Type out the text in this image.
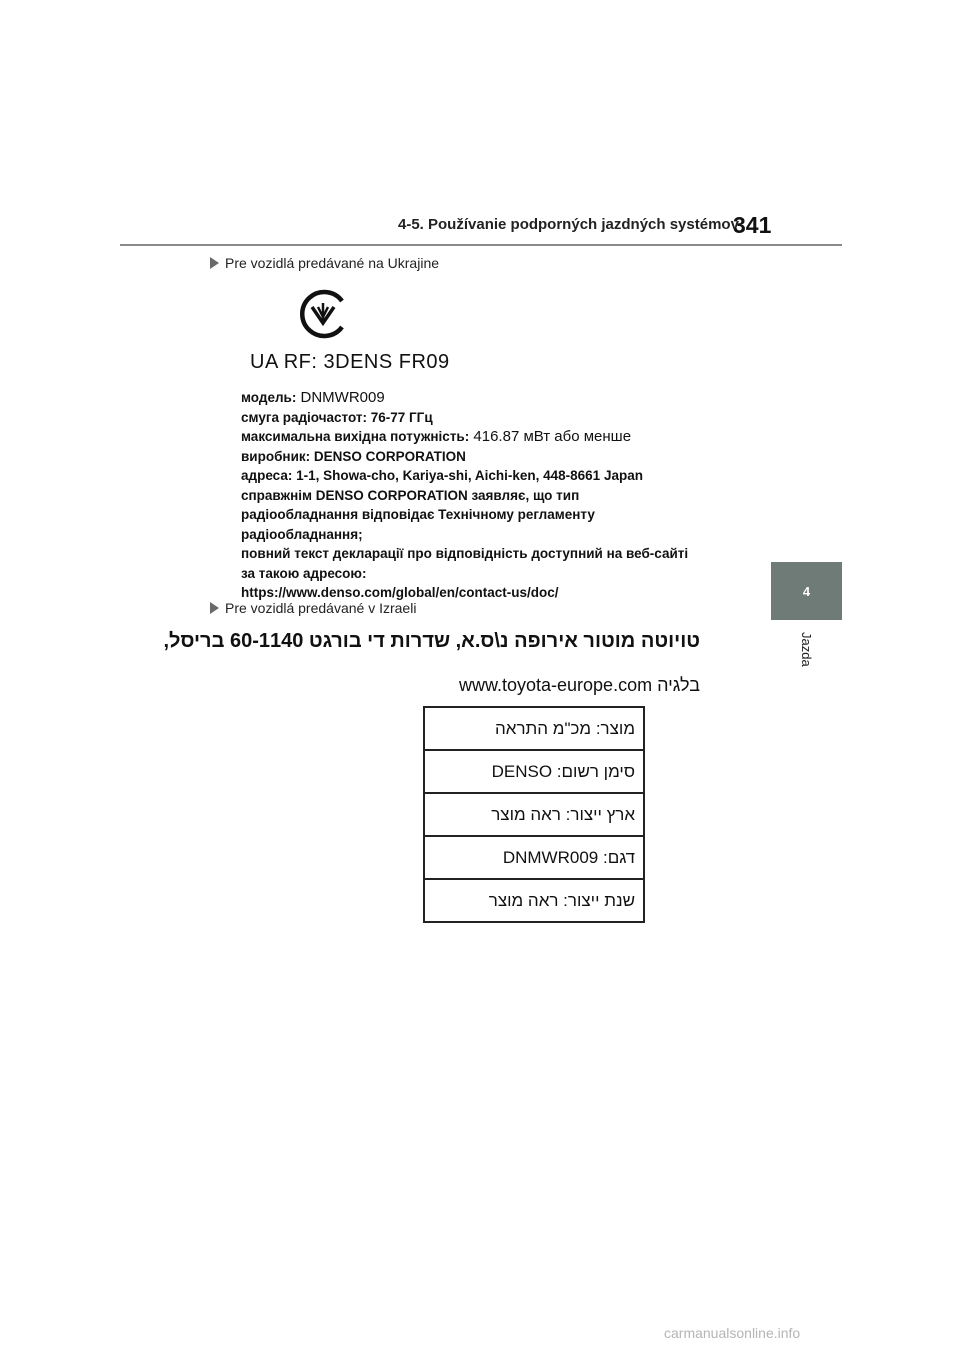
4-5. Používanie podporných jazdných systémov
341
4
Jazda
Pre vozidlá predávané na Ukrajine
UA RF: 3DENS FR09
модель: DNMWR009
смуга радіочастот: 76-77 ГГц
максимальна вихідна потужність: 416.87 мВт або менше
виробник: DENSO CORPORATION
адреса: 1-1, Showa-cho, Kariya-shi, Aichi-ken, 448-8661 Japan
справжнім DENSO CORPORATION заявляє, що тип
радіообладнання відповідає Технічному регламенту
радіообладнання;
повний текст декларації про відповідність доступний на веб-сайті
за такою адресою:
https://www.denso.com/global/en/contact-us/doc/
Pre vozidlá predávané v Izraeli
טויוטה מוטור אירופה נ\ס.א, שדרות די בורגט 60-1140 בריסל,
בלגיה www.toyota-europe.com
מוצר: מכ"מ התראה
סימן רשום: DENSO
ארץ ייצור: ראה מוצר
דגם: DNMWR009
שנת ייצור: ראה מוצר
carmanualsonline.info
